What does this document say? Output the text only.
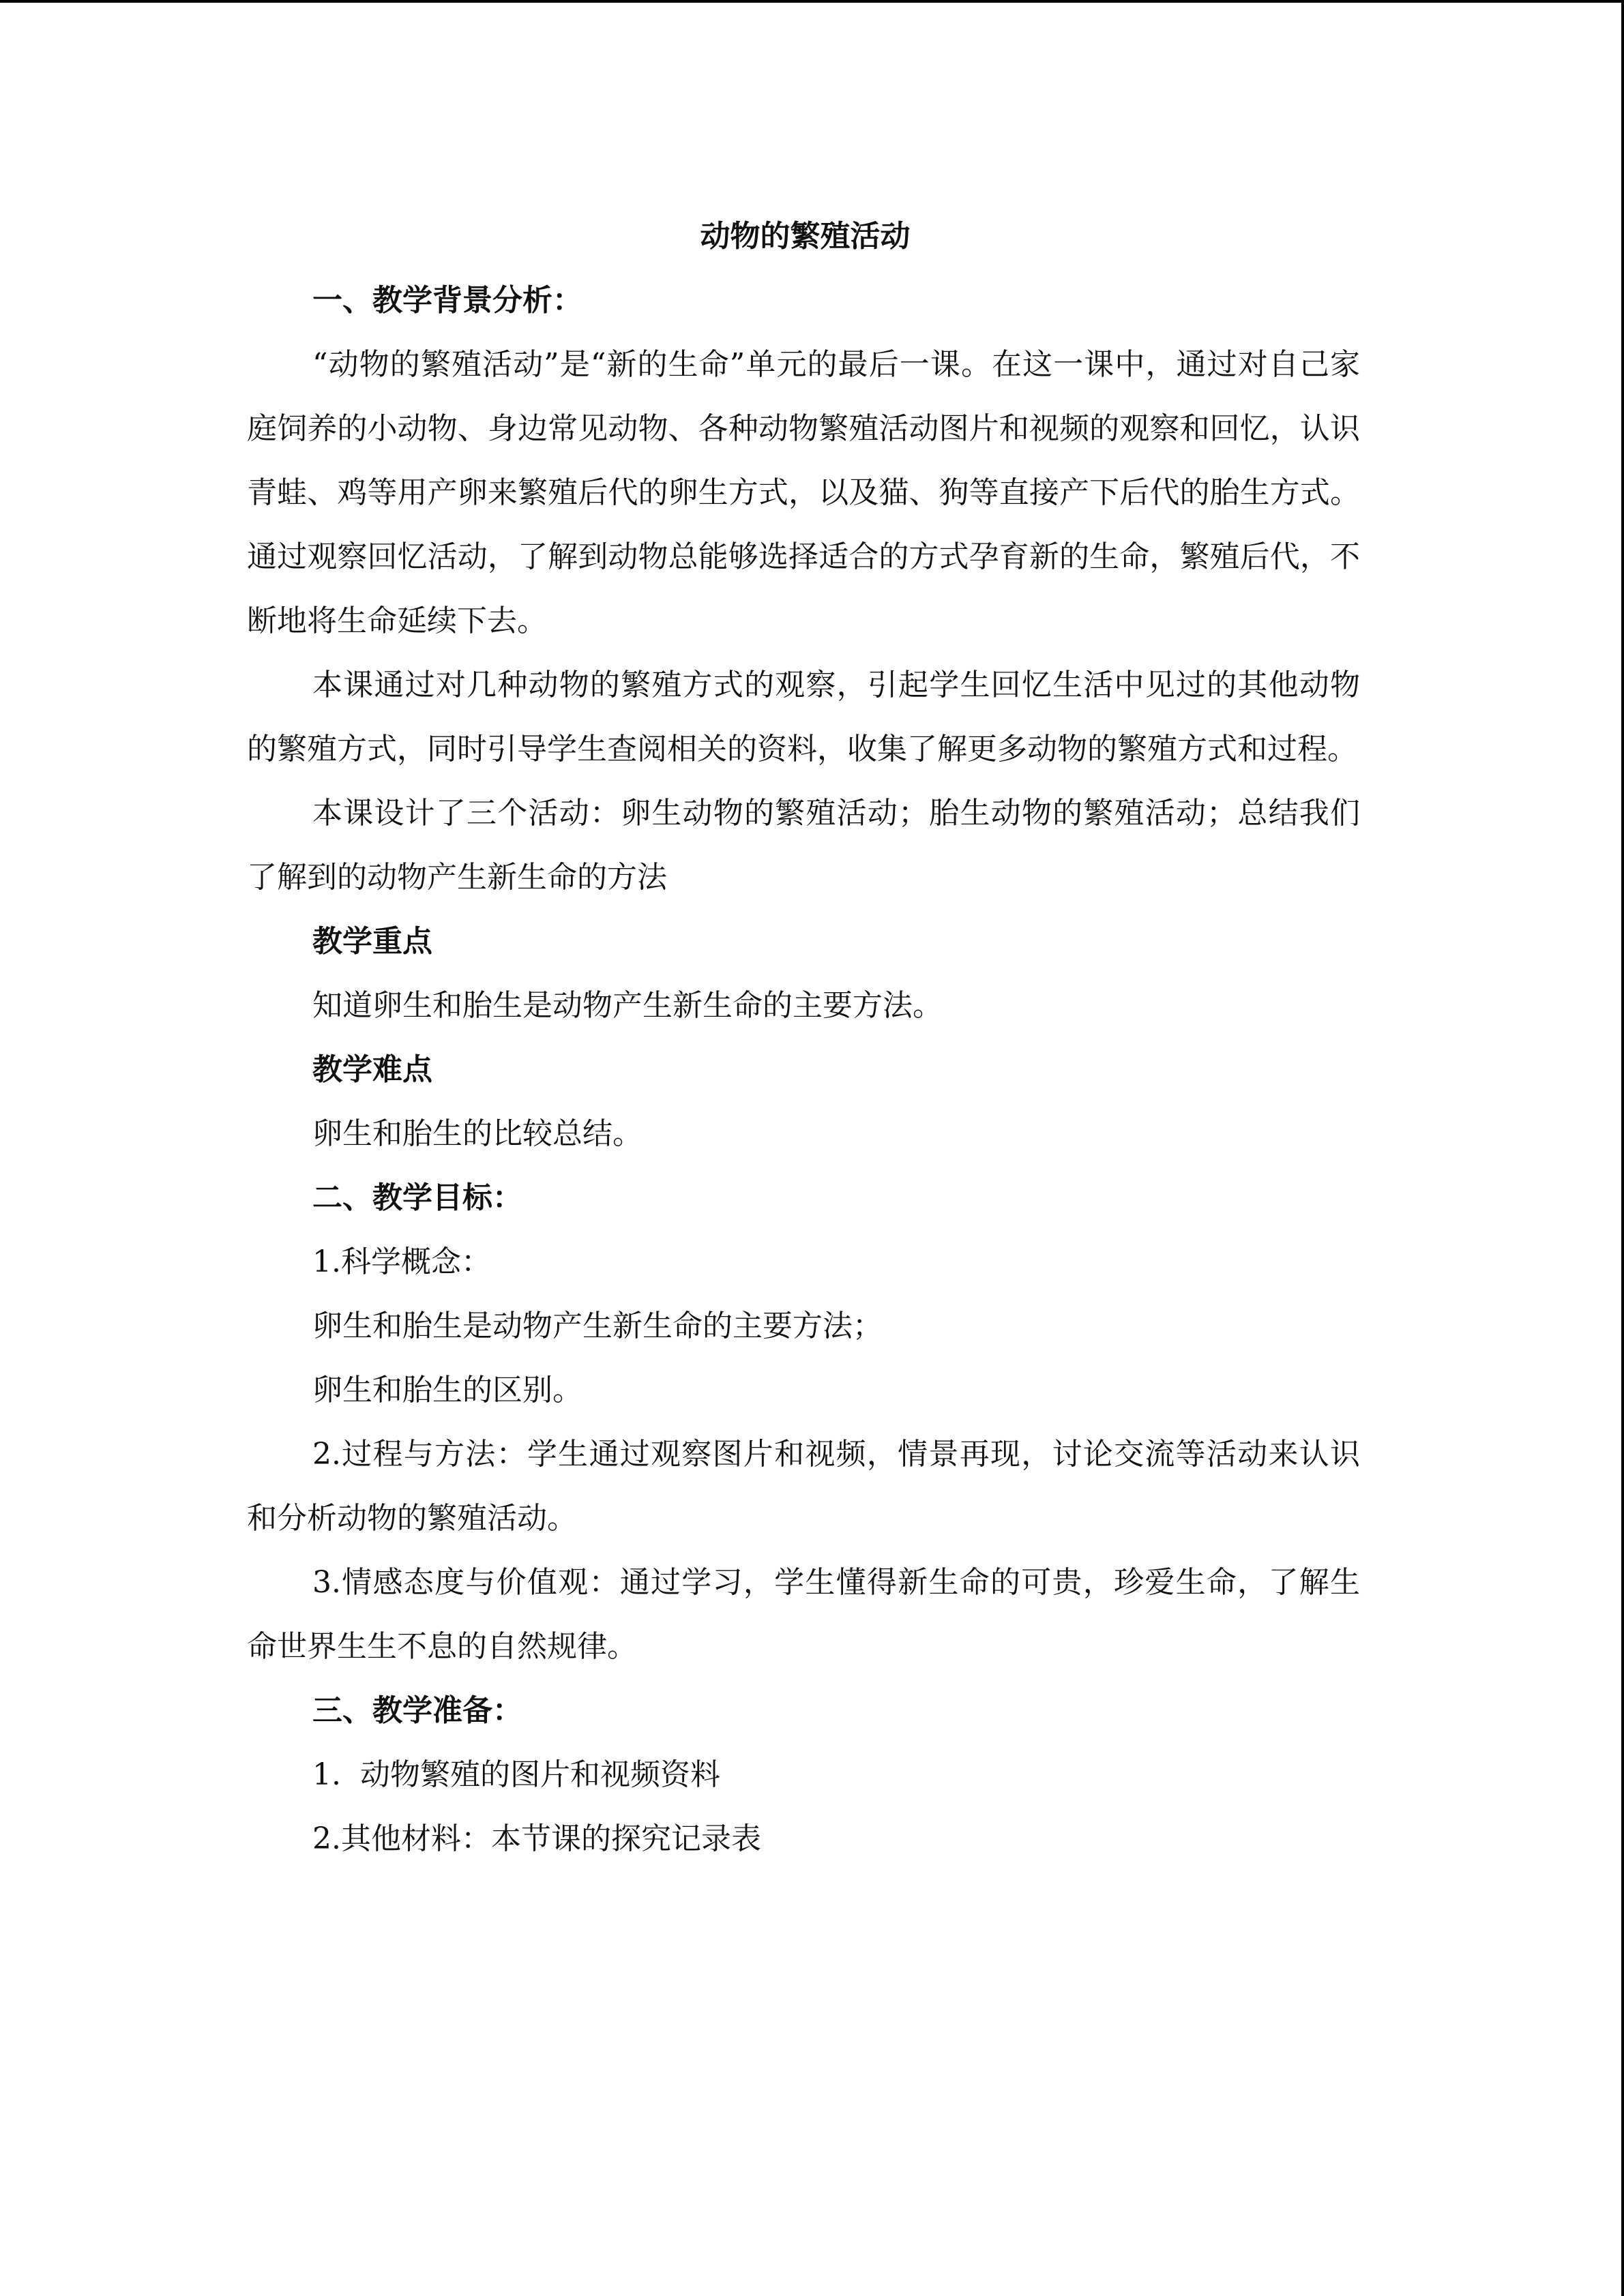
动物的繁殖活动

一、教学背景分析：

“动物的繁殖活动”是“新的生命”单元的最后一课。在这一课中，通过对自己家庭饲养的小动物、身边常见动物、各种动物繁殖活动图片和视频的观察和回忆，认识青蛙、鸡等用产卵来繁殖后代的卵生方式，以及猫、狗等直接产下后代的胎生方式。通过观察回忆活动，了解到动物总能够选择适合的方式孕育新的生命，繁殖后代，不断地将生命延续下去。

本课通过对几种动物的繁殖方式的观察，引起学生回忆生活中见过的其他动物的繁殖方式，同时引导学生查阅相关的资料，收集了解更多动物的繁殖方式和过程。

本课设计了三个活动：卵生动物的繁殖活动；胎生动物的繁殖活动；总结我们了解到的动物产生新生命的方法

教学重点

知道卵生和胎生是动物产生新生命的主要方法。

教学难点

卵生和胎生的比较总结。

二、教学目标：

1.科学概念：

卵生和胎生是动物产生新生命的主要方法；

卵生和胎生的区别。

2.过程与方法：学生通过观察图片和视频，情景再现，讨论交流等活动来认识和分析动物的繁殖活动。

3.情感态度与价值观：通过学习，学生懂得新生命的可贵，珍爱生命，了解生命世界生生不息的自然规律。

三、教学准备：

1.  动物繁殖的图片和视频资料

2.其他材料：本节课的探究记录表
